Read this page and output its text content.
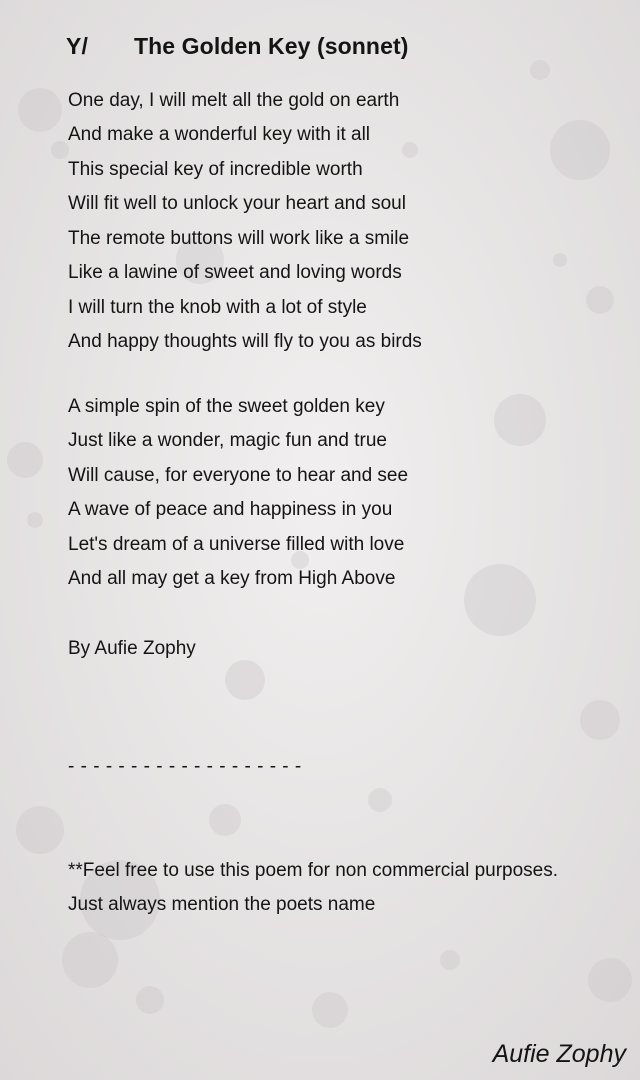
Y/ The Golden Key (sonnet)

One day, I will melt all the gold on earth

And make a wonderful key with it all

This special key of incredible worth

Will fit well to unlock your heart and soul

The remote buttons will work like a smile

Like a lawine of sweet and loving words

I will turn the knob with a lot of style

And happy thoughts will fly to you as birds

A simple spin of the sweet golden key

Just like a wonder, magic fun and true

Will cause, for everyone to hear and see

A wave of peace and happiness in you

Let's dream of a universe filled with love

And all may get a key from High Above

By Aufie Zophy

- - - - - - - - - - - - - - - - - - -

**Feel free to use this poem for non commercial purposes.

Just always mention the poets name

Aufie Zophy
